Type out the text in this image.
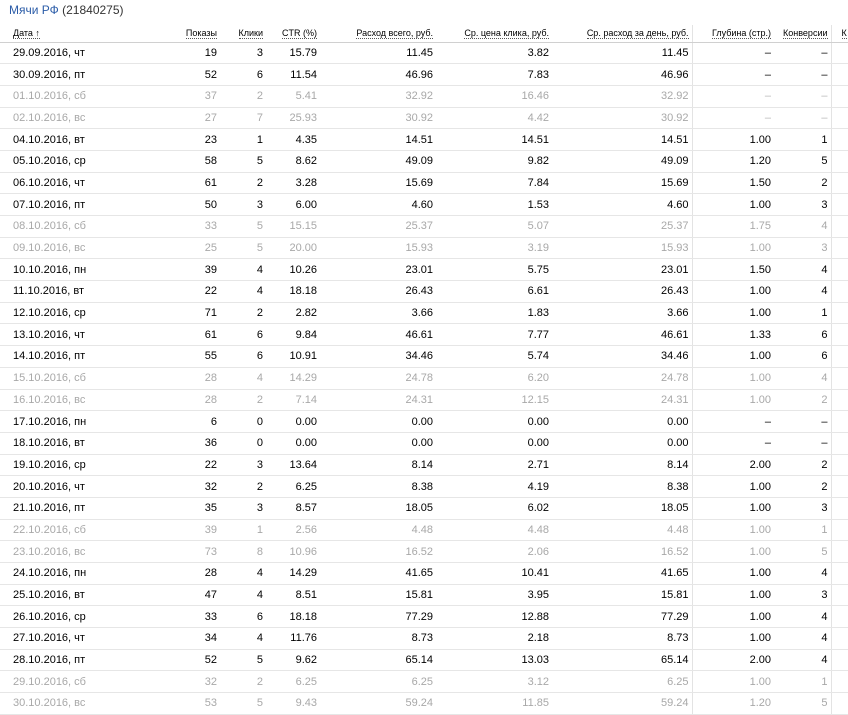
Мячи РФ (21840275)
Дата ↑	Показы	Клики	CTR (%)	Расход всего, руб.	Ср. цена клика, руб.	Ср. расход за день, руб.	Глубина (стр.)	Конверсии	К
29.09.2016, чт	19	3	15.79	11.45	3.82	11.45	–	–	
30.09.2016, пт	52	6	11.54	46.96	7.83	46.96	–	–	
01.10.2016, сб	37	2	5.41	32.92	16.46	32.92	–	–	
02.10.2016, вс	27	7	25.93	30.92	4.42	30.92	–	–	
04.10.2016, вт	23	1	4.35	14.51	14.51	14.51	1.00	1	
05.10.2016, ср	58	5	8.62	49.09	9.82	49.09	1.20	5	
06.10.2016, чт	61	2	3.28	15.69	7.84	15.69	1.50	2	
07.10.2016, пт	50	3	6.00	4.60	1.53	4.60	1.00	3	
08.10.2016, сб	33	5	15.15	25.37	5.07	25.37	1.75	4	
09.10.2016, вс	25	5	20.00	15.93	3.19	15.93	1.00	3	
10.10.2016, пн	39	4	10.26	23.01	5.75	23.01	1.50	4	
11.10.2016, вт	22	4	18.18	26.43	6.61	26.43	1.00	4	
12.10.2016, ср	71	2	2.82	3.66	1.83	3.66	1.00	1	
13.10.2016, чт	61	6	9.84	46.61	7.77	46.61	1.33	6	
14.10.2016, пт	55	6	10.91	34.46	5.74	34.46	1.00	6	
15.10.2016, сб	28	4	14.29	24.78	6.20	24.78	1.00	4	
16.10.2016, вс	28	2	7.14	24.31	12.15	24.31	1.00	2	
17.10.2016, пн	6	0	0.00	0.00	0.00	0.00	–	–	
18.10.2016, вт	36	0	0.00	0.00	0.00	0.00	–	–	
19.10.2016, ср	22	3	13.64	8.14	2.71	8.14	2.00	2	
20.10.2016, чт	32	2	6.25	8.38	4.19	8.38	1.00	2	
21.10.2016, пт	35	3	8.57	18.05	6.02	18.05	1.00	3	
22.10.2016, сб	39	1	2.56	4.48	4.48	4.48	1.00	1	
23.10.2016, вс	73	8	10.96	16.52	2.06	16.52	1.00	5	
24.10.2016, пн	28	4	14.29	41.65	10.41	41.65	1.00	4	
25.10.2016, вт	47	4	8.51	15.81	3.95	15.81	1.00	3	
26.10.2016, ср	33	6	18.18	77.29	12.88	77.29	1.00	4	
27.10.2016, чт	34	4	11.76	8.73	2.18	8.73	1.00	4	
28.10.2016, пт	52	5	9.62	65.14	13.03	65.14	2.00	4	
29.10.2016, сб	32	2	6.25	6.25	3.12	6.25	1.00	1	
30.10.2016, вс	53	5	9.43	59.24	11.85	59.24	1.20	5	
